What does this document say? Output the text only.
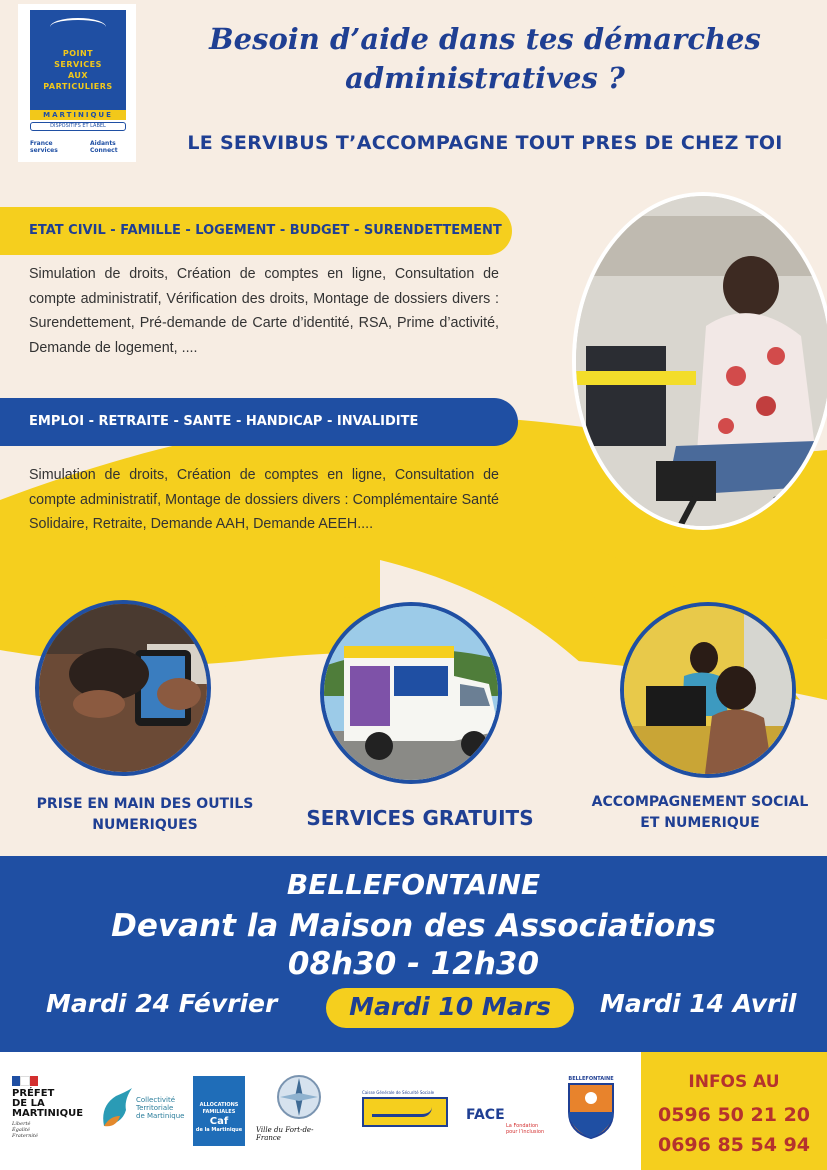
POINT
SERVICES
AUX
PARTICULIERS
MARTINIQUE
DISPOSITIFS ET LABEL
France services
Aidants Connect
Besoin d’aide dans tes démarches
administratives ?
LE SERVIBUS T’ACCOMPAGNE TOUT PRES DE CHEZ TOI
ETAT CIVIL - FAMILLE - LOGEMENT - BUDGET - SURENDETTEMENT
Simulation de droits, Création de comptes en ligne, Consultation de compte administratif, Vérification des droits, Montage de dossiers divers : Surendettement, Pré-demande de Carte d’identité, RSA, Prime d’activité, Demande de logement, ....
EMPLOI - RETRAITE - SANTE - HANDICAP - INVALIDITE
Simulation de droits, Création de comptes en ligne, Consultation de compte administratif, Montage de dossiers divers : Complémentaire Santé Solidaire, Retraite, Demande AAH, Demande AEEH....
PRISE EN MAIN DES OUTILS
NUMERIQUES	SERVICES GRATUITS
ACCOMPAGNEMENT SOCIAL
ET NUMERIQUE
BELLEFONTAINE
Devant la Maison des Associations
08h30 - 12h30
Mardi 24 Février	Mardi 10 Mars	Mardi 14 Avril
PRÉFET
DE LA
MARTINIQUE
Liberté
Égalité
Fraternité
Collectivité
Territoriale
de Martinique
ALLOCATIONS
FAMILIALES
Caf
de la Martinique	Ville du Fort-de-France
Caisse Générale de Sécurité Sociale
FACE
La Fondation
pour l’inclusion
BELLEFONTAINE	INFOS AU
0596 50 21 20
0696 85 54 94
